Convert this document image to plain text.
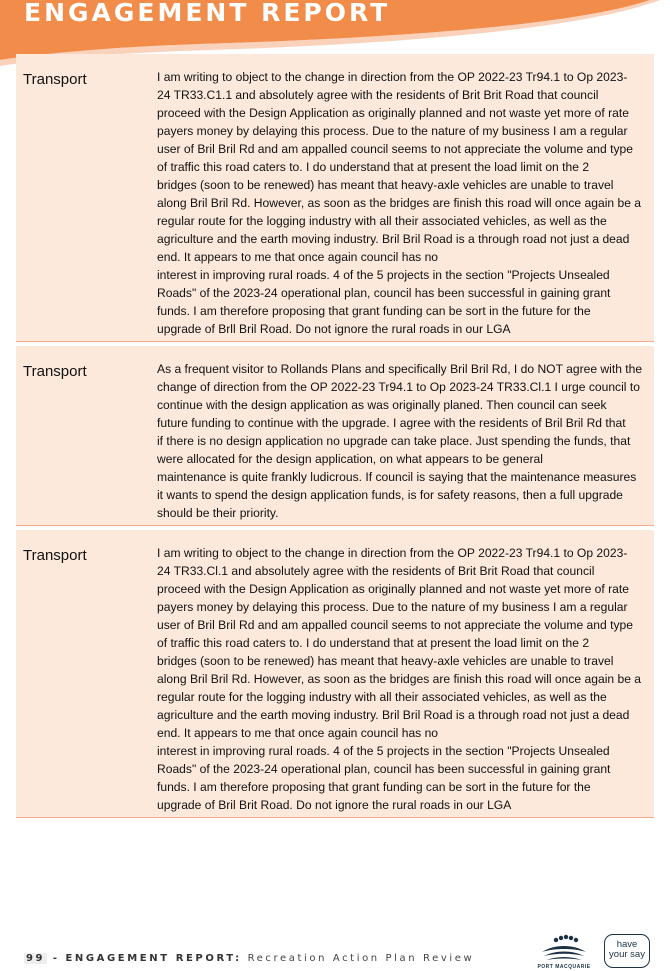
ENGAGEMENT REPORT
Transport	I am writing to object to the change in direction from the OP 2022-23 Tr94.1 to Op 2023-
24 TR33.C1.1 and absolutely agree with the residents of Brit Brit Road that council
proceed with the Design Application as originally planned and not waste yet more of rate
payers money by delaying this process. Due to the nature of my business I am a regular
user of Bril Bril Rd and am appalled council seems to not appreciate the volume and type
of traffic this road caters to. I do understand that at present the load limit on the 2
bridges (soon to be renewed) has meant that heavy-axle vehicles are unable to travel
along Bril Bril Rd. However, as soon as the bridges are finish this road will once again be a
regular route for the logging industry with all their associated vehicles, as well as the
agriculture and the earth moving industry. Bril Bril Road is a through road not just a dead
end. It appears to me that once again council has no
interest in improving rural roads. 4 of the 5 projects in the section "Projects Unsealed
Roads" of the 2023-24 operational plan, council has been successful in gaining grant
funds. I am therefore proposing that grant funding can be sort in the future for the
upgrade of Brll Bril Road. Do not ignore the rural roads in our LGA

Transport	As a frequent visitor to Rollands Plans and specifically Bril Bril Rd, I do NOT agree with the
change of direction from the OP 2022-23 Tr94.1 to Op 2023-24 TR33.Cl.1 I urge council to
continue with the design application as was originally planed. Then council can seek
future funding to continue with the upgrade. I agree with the residents of Bril Bril Rd that
if there is no design application no upgrade can take place. Just spending the funds, that
were allocated for the design application, on what appears to be general
maintenance is quite frankly ludicrous. If council is saying that the maintenance measures
it wants to spend the design application funds, is for safety reasons, then a full upgrade
should be their priority.

Transport	I am writing to object to the change in direction from the OP 2022-23 Tr94.1 to Op 2023-
24 TR33.Cl.1 and absolutely agree with the residents of Brit Brit Road that council
proceed with the Design Application as originally planned and not waste yet more of rate
payers money by delaying this process. Due to the nature of my business I am a regular
user of Bril Bril Rd and am appalled council seems to not appreciate the volume and type
of traffic this road caters to. I do understand that at present the load limit on the 2
bridges (soon to be renewed) has meant that heavy-axle vehicles are unable to travel
along Bril Bril Rd. However, as soon as the bridges are finish this road will once again be a
regular route for the logging industry with all their associated vehicles, as well as the
agriculture and the earth moving industry. Bril Bril Road is a through road not just a dead
end. It appears to me that once again council has no
interest in improving rural roads. 4 of the 5 projects in the section "Projects Unsealed
Roads" of the 2023-24 operational plan, council has been successful in gaining grant
funds. I am therefore proposing that grant funding can be sort in the future for the
upgrade of Bril Brit Road. Do not ignore the rural roads in our LGA

99 - ENGAGEMENT REPORT: Recreation Action Plan Review

PORT MACQUARIE
have
your say
